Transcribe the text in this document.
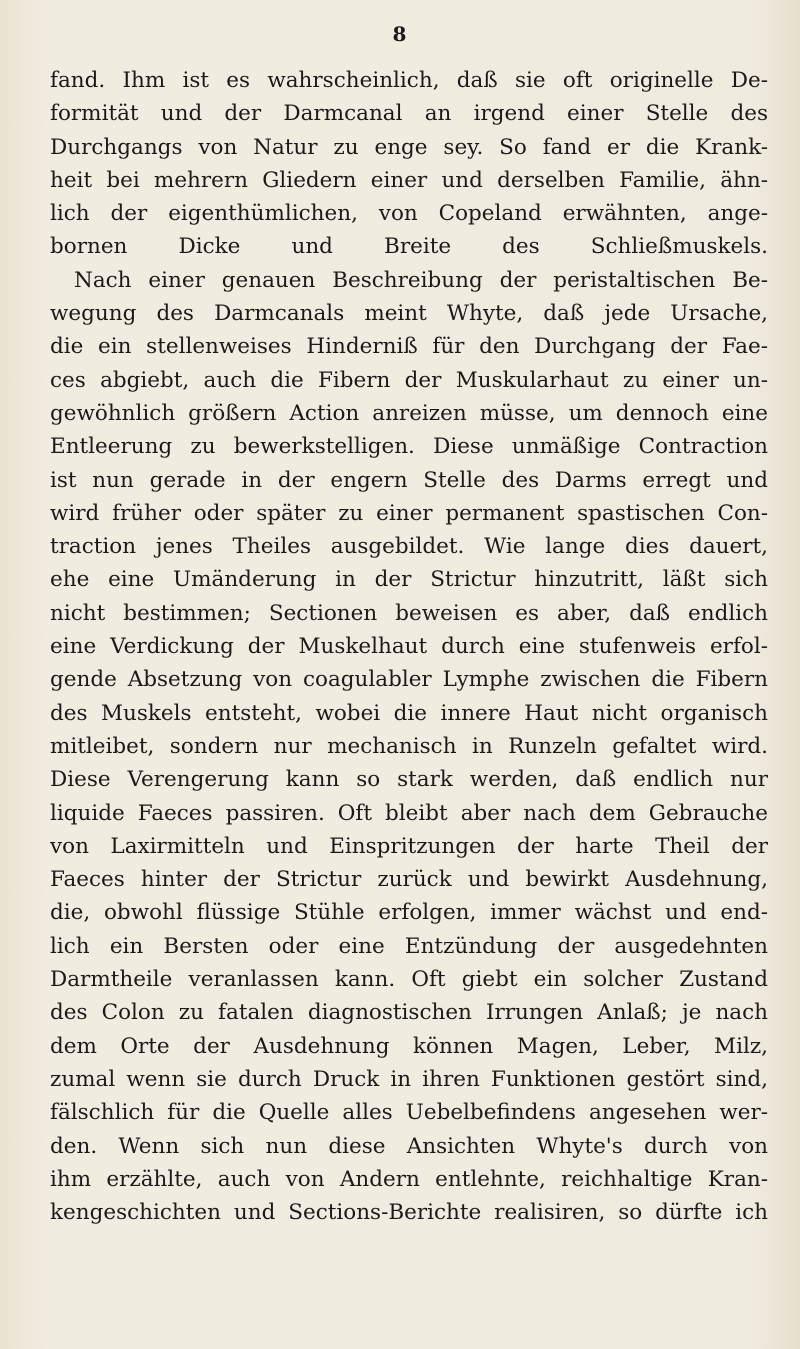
8
fand. Ihm ist es wahrscheinlich, daß sie oft originelle De-
formität und der Darmcanal an irgend einer Stelle des
Durchgangs von Natur zu enge sey. So fand er die Krank-
heit bei mehrern Gliedern einer und derselben Familie, ähn-
lich der eigenthümlichen, von Copeland erwähnten, ange-
bornen Dicke und Breite des Schließmuskels.
Nach einer genauen Beschreibung der peristaltischen Be-
wegung des Darmcanals meint Whyte, daß jede Ursache,
die ein stellenweises Hinderniß für den Durchgang der Fae-
ces abgiebt, auch die Fibern der Muskularhaut zu einer un-
gewöhnlich größern Action anreizen müsse, um dennoch eine
Entleerung zu bewerkstelligen. Diese unmäßige Contraction
ist nun gerade in der engern Stelle des Darms erregt und
wird früher oder später zu einer permanent spastischen Con-
traction jenes Theiles ausgebildet. Wie lange dies dauert,
ehe eine Umänderung in der Strictur hinzutritt, läßt sich
nicht bestimmen; Sectionen beweisen es aber, daß endlich
eine Verdickung der Muskelhaut durch eine stufenweis erfol-
gende Absetzung von coagulabler Lymphe zwischen die Fibern
des Muskels entsteht, wobei die innere Haut nicht organisch
mitleibet, sondern nur mechanisch in Runzeln gefaltet wird.
Diese Verengerung kann so stark werden, daß endlich nur
liquide Faeces passiren. Oft bleibt aber nach dem Gebrauche
von Laxirmitteln und Einspritzungen der harte Theil der
Faeces hinter der Strictur zurück und bewirkt Ausdehnung,
die, obwohl flüssige Stühle erfolgen, immer wächst und end-
lich ein Bersten oder eine Entzündung der ausgedehnten
Darmtheile veranlassen kann. Oft giebt ein solcher Zustand
des Colon zu fatalen diagnostischen Irrungen Anlaß; je nach
dem Orte der Ausdehnung können Magen, Leber, Milz,
zumal wenn sie durch Druck in ihren Funktionen gestört sind,
fälschlich für die Quelle alles Uebelbefindens angesehen wer-
den. Wenn sich nun diese Ansichten Whyte's durch von
ihm erzählte, auch von Andern entlehnte, reichhaltige Kran-
kengeschichten und Sections-Berichte realisiren, so dürfte ich
